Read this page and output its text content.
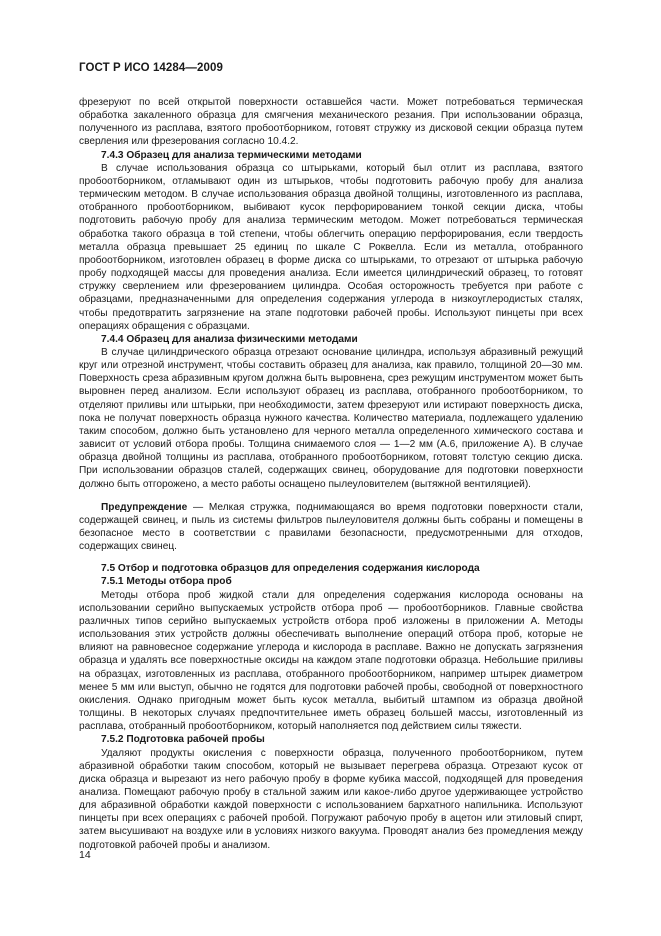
ГОСТ Р ИСО 14284—2009

фрезеруют по всей открытой поверхности оставшейся части. Может потребоваться термическая обработка закаленного образца для смягчения механического резания. При использовании образца, полученного из расплава, взятого пробоотборником, готовят стружку из дисковой секции образца путем сверления или фрезерования согласно 10.4.2.

7.4.3 Образец для анализа термическими методами

В случае использования образца со штырьками, который был отлит из расплава, взятого пробоотборником, отламывают один из штырьков, чтобы подготовить рабочую пробу для анализа термическим методом. В случае использования образца двойной толщины, изготовленного из расплава, отобранного пробоотборником, выбивают кусок перфорированием тонкой секции диска, чтобы подготовить рабочую пробу для анализа термическим методом. Может потребоваться термическая обработка такого образца в той степени, чтобы облегчить операцию перфорирования, если твердость металла образца превышает 25 единиц по шкале С Роквелла. Если из металла, отобранного пробоотборником, изготовлен образец в форме диска со штырьками, то отрезают от штырька рабочую пробу подходящей массы для проведения анализа. Если имеется цилиндрический образец, то готовят стружку сверлением или фрезерованием цилиндра. Особая осторожность требуется при работе с образцами, предназначенными для определения содержания углерода в низкоуглеродистых сталях, чтобы предотвратить загрязнение на этапе подготовки рабочей пробы. Используют пинцеты при всех операциях обращения с образцами.

7.4.4 Образец для анализа физическими методами

В случае цилиндрического образца отрезают основание цилиндра, используя абразивный режущий круг или отрезной инструмент, чтобы составить образец для анализа, как правило, толщиной 20—30 мм. Поверхность среза абразивным кругом должна быть выровнена, срез режущим инструментом может быть выровнен перед анализом. Если используют образец из расплава, отобранного пробоотборником, то отделяют приливы или штырьки, при необходимости, затем фрезеруют или истирают поверхность диска, пока не получат поверхность образца нужного качества. Количество материала, подлежащего удалению таким способом, должно быть установлено для черного металла определенного химического состава и зависит от условий отбора пробы. Толщина снимаемого слоя — 1—2 мм (А.6, приложение А). В случае образца двойной толщины из расплава, отобранного пробоотборником, готовят толстую секцию диска. При использовании образцов сталей, содержащих свинец, оборудование для подготовки поверхности должно быть отгорожено, а место работы оснащено пылеуловителем (вытяжной вентиляцией).

Предупреждение — Мелкая стружка, поднимающаяся во время подготовки поверхности стали, содержащей свинец, и пыль из системы фильтров пылеуловителя должны быть собраны и помещены в безопасное место в соответствии с правилами безопасности, предусмотренными для отходов, содержащих свинец.

7.5 Отбор и подготовка образцов для определения содержания кислорода
7.5.1 Методы отбора проб

Методы отбора проб жидкой стали для определения содержания кислорода основаны на использовании серийно выпускаемых устройств отбора проб — пробоотборников. Главные свойства различных типов серийно выпускаемых устройств отбора проб изложены в приложении А. Методы использования этих устройств должны обеспечивать выполнение операций отбора проб, которые не влияют на равновесное содержание углерода и кислорода в расплаве. Важно не допускать загрязнения образца и удалять все поверхностные оксиды на каждом этапе подготовки образца. Небольшие приливы на образцах, изготовленных из расплава, отобранного пробоотборником, например штырек диаметром менее 5 мм или выступ, обычно не годятся для подготовки рабочей пробы, свободной от поверхностного окисления. Однако пригодным может быть кусок металла, выбитый штампом из образца двойной толщины. В некоторых случаях предпочтительнее иметь образец большей массы, изготовленный из расплава, отобранный пробоотборником, который наполняется под действием силы тяжести.

7.5.2 Подготовка рабочей пробы

Удаляют продукты окисления с поверхности образца, полученного пробоотборником, путем абразивной обработки таким способом, который не вызывает перегрева образца. Отрезают кусок от диска образца и вырезают из него рабочую пробу в форме кубика массой, подходящей для проведения анализа. Помещают рабочую пробу в стальной зажим или какое-либо другое удерживающее устройство для абразивной обработки каждой поверхности с использованием бархатного напильника. Используют пинцеты при всех операциях с рабочей пробой. Погружают рабочую пробу в ацетон или этиловый спирт, затем высушивают на воздухе или в условиях низкого вакуума. Проводят анализ без промедления между подготовкой рабочей пробы и анализом.

14
